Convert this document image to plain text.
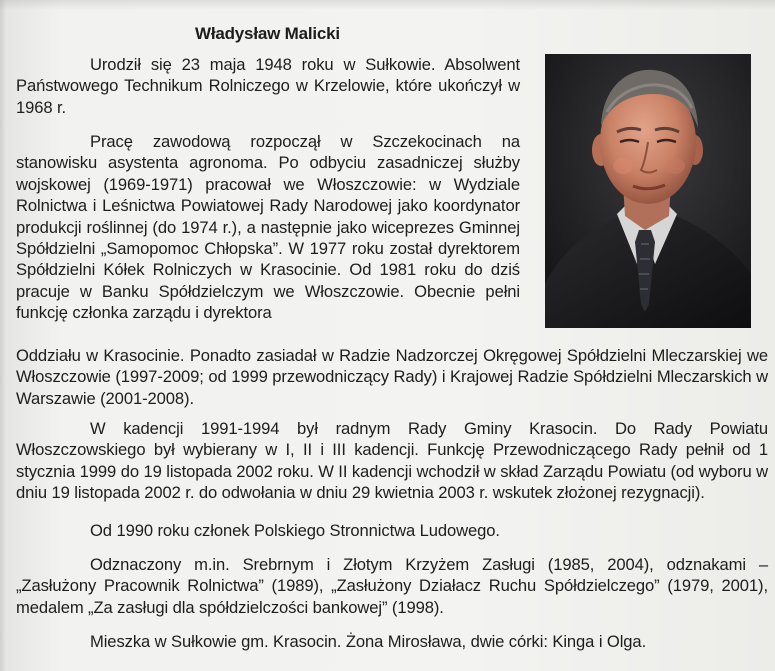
Władysław Malicki

Urodził się 23 maja 1948 roku w Sułkowie. Absolwent Państwowego Technikum Rolniczego w Krzelowie, które ukończył w 1968 r.

Pracę zawodową rozpoczął w Szczekocinach na stanowisku asystenta agronoma. Po odbyciu zasadniczej służby wojskowej (1969-1971) pracował we Włoszczowie: w Wydziale Rolnictwa i Leśnictwa Powiatowej Rady Narodowej jako koordynator produkcji roślinnej (do 1974 r.), a następnie jako wiceprezes Gminnej Spółdzielni „Samopomoc Chłopska”. W 1977 roku został dyrektorem Spółdzielni Kółek Rolniczych w Krasocinie. Od 1981 roku do dziś pracuje w Banku Spółdzielczym we Włoszczowie. Obecnie pełni funkcję członka zarządu i dyrektora

Oddziału w Krasocinie. Ponadto zasiadał w Radzie Nadzorczej Okręgowej Spółdzielni Mleczarskiej we Włoszczowie (1997-2009; od 1999 przewodniczący Rady) i Krajowej Radzie Spółdzielni Mleczarskich w Warszawie (2001-2008).

W kadencji 1991-1994 był radnym Rady Gminy Krasocin. Do Rady Powiatu Włoszczowskiego był wybierany w I, II i III kadencji. Funkcję Przewodniczącego Rady pełnił od 1 stycznia 1999 do 19 listopada 2002 roku. W II kadencji wchodził w skład Zarządu Powiatu (od wyboru w dniu 19 listopada 2002 r. do odwołania w dniu 29 kwietnia 2003 r. wskutek złożonej rezygnacji).

Od 1990 roku członek Polskiego Stronnictwa Ludowego.

Odznaczony m.in. Srebrnym i Złotym Krzyżem Zasługi (1985, 2004), odznakami – „Zasłużony Pracownik Rolnictwa” (1989), „Zasłużony Działacz Ruchu Spółdzielczego” (1979, 2001), medalem „Za zasługi dla spółdzielczości bankowej” (1998).

Mieszka w Sułkowie gm. Krasocin. Żona Mirosława, dwie córki: Kinga i Olga.
